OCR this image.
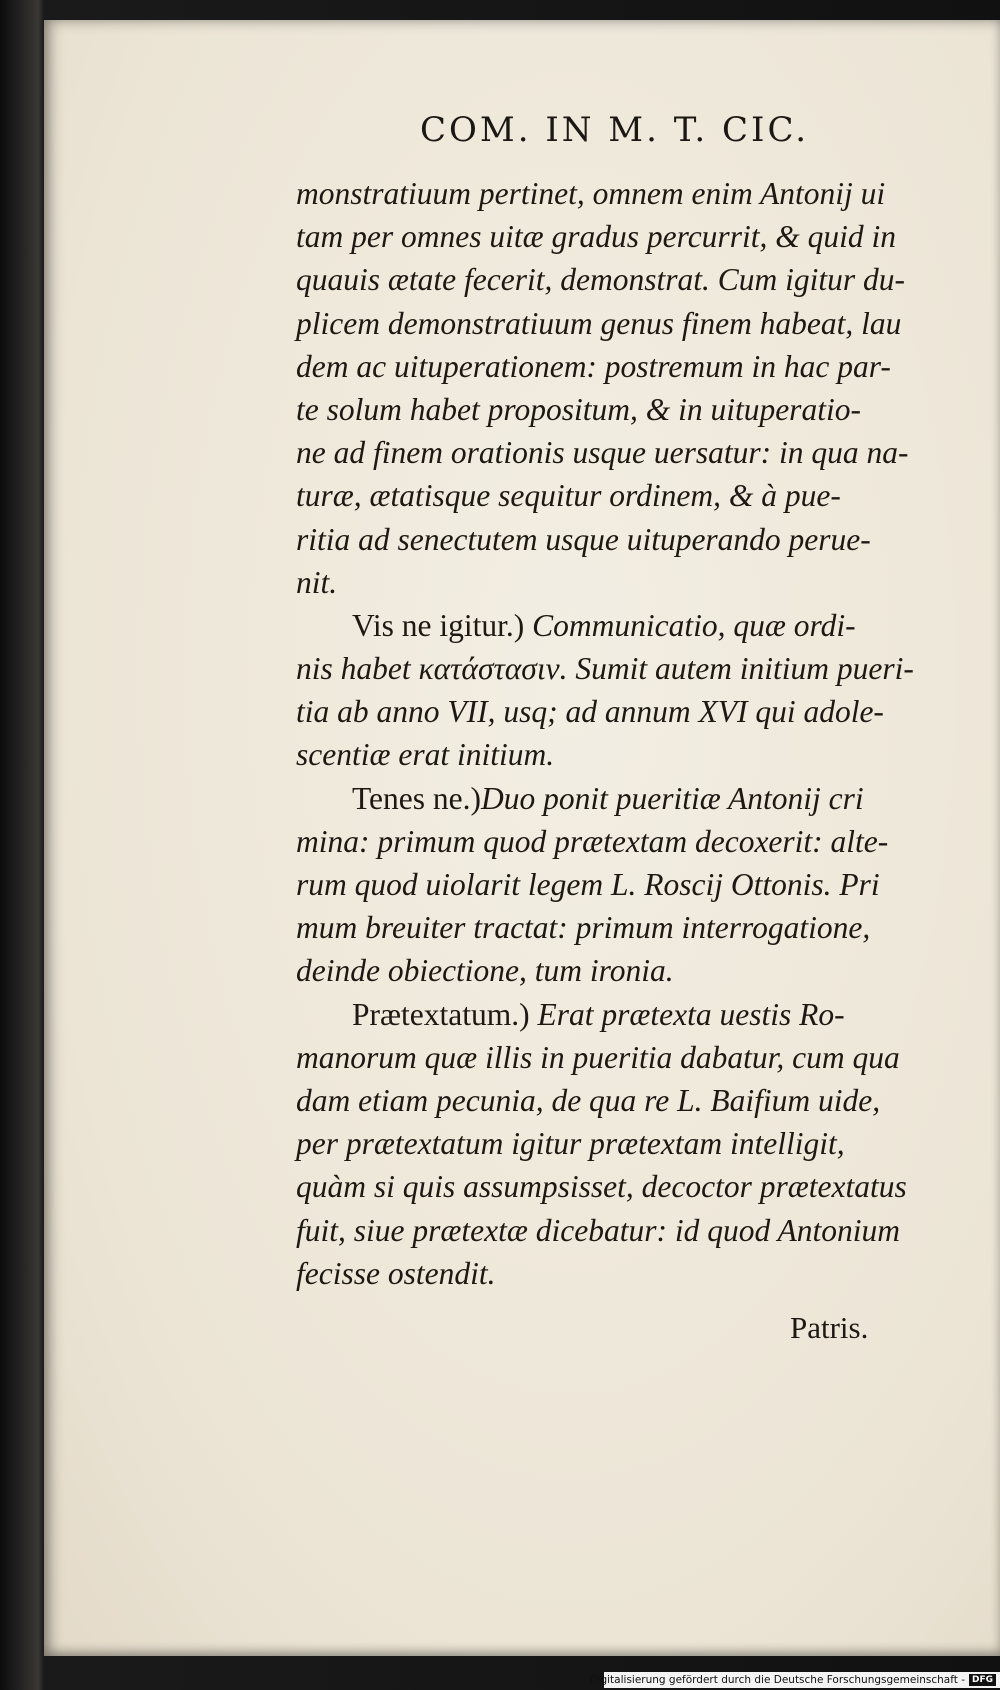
COM. IN M. T. CIC.
monstratiuum pertinet, omnem enim Antonij ui
tam per omnes uitæ gradus percurrit, & quid in
quauis ætate fecerit, demonstrat. Cum igitur du-
plicem demonstratiuum genus finem habeat, lau
dem ac uituperationem: postremum in hac par-
te solum habet propositum, & in uituperatio-
ne ad finem orationis usque uersatur: in qua na-
turæ, ætatisque sequitur ordinem, & à pue-
ritia ad senectutem usque uituperando perue-
nit.
Vis ne igitur.) Communicatio, quæ ordi-
nis habet κατάστασιν. Sumit autem initium pueri-
tia ab anno VII, usq; ad annum XVI qui adole-
scentiæ erat initium.
Tenes ne.)Duo ponit pueritiæ Antonij cri
mina: primum quod prætextam decoxerit: alte-
rum quod uiolarit legem L. Roscij Ottonis. Pri
mum breuiter tractat: primum interrogatione,
deinde obiectione, tum ironia.
Prætextatum.) Erat prætexta uestis Ro-
manorum quæ illis in pueritia dabatur, cum qua
dam etiam pecunia, de qua re L. Baifium uide,
per prætextatum igitur prætextam intelligit,
quàm si quis assumpsisset, decoctor prætextatus
fuit, siue prætextæ dicebatur: id quod Antonium
fecisse ostendit.
Patris.
Digitalisierung gefördert durch die Deutsche Forschungsgemeinschaft - DFG
